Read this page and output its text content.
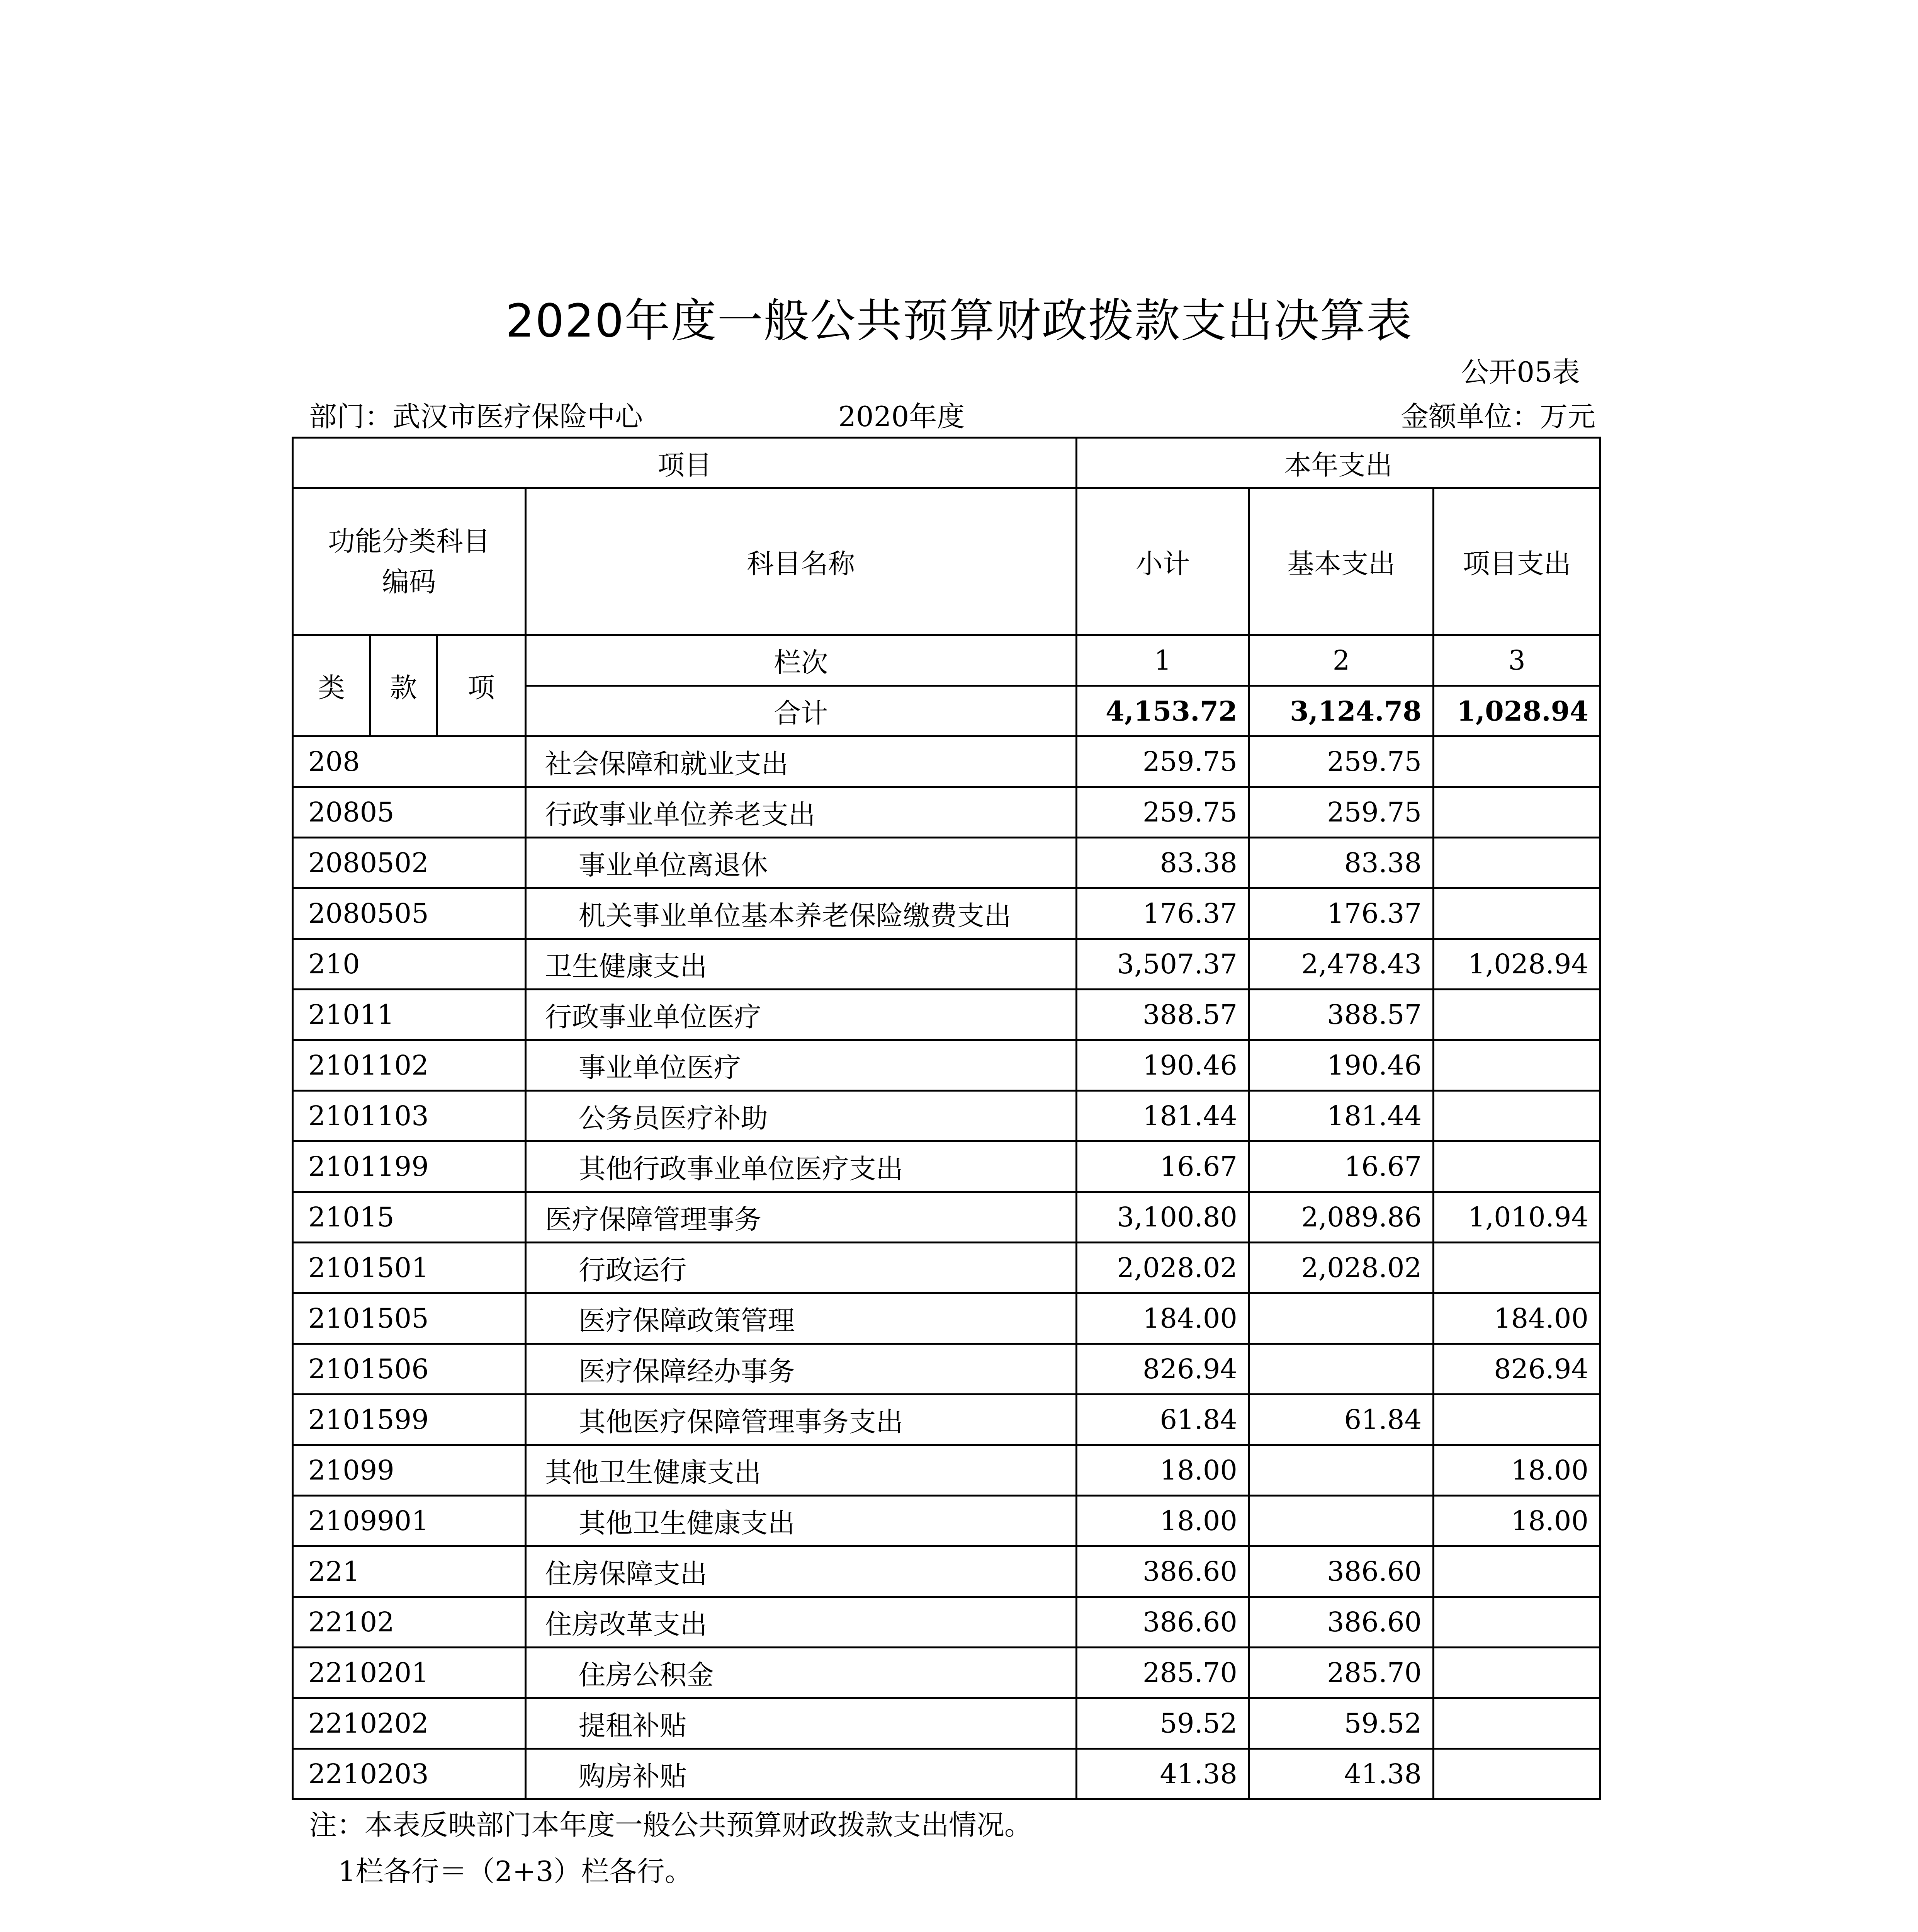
2020年度一般公共预算财政拨款支出决算表
公开05表
部门：武汉市医疗保险中心	2020年度	金额单位：万元
项目				本年支出		
功能分类科目编码			科目名称	小计	基本支出	项目支出
类	款	项	栏次	1	2	3
			合计	4,153.72	3,124.78	1,028.94
208			社会保障和就业支出	259.75	259.75	
20805			行政事业单位养老支出	259.75	259.75	
2080502			事业单位离退休	83.38	83.38	
2080505			机关事业单位基本养老保险缴费支出	176.37	176.37	
210			卫生健康支出	3,507.37	2,478.43	1,028.94
21011			行政事业单位医疗	388.57	388.57	
2101102			事业单位医疗	190.46	190.46	
2101103			公务员医疗补助	181.44	181.44	
2101199			其他行政事业单位医疗支出	16.67	16.67	
21015			医疗保障管理事务	3,100.80	2,089.86	1,010.94
2101501			行政运行	2,028.02	2,028.02	
2101505			医疗保障政策管理	184.00		184.00
2101506			医疗保障经办事务	826.94		826.94
2101599			其他医疗保障管理事务支出	61.84	61.84	
21099			其他卫生健康支出	18.00		18.00
2109901			其他卫生健康支出	18.00		18.00
221			住房保障支出	386.60	386.60	
22102			住房改革支出	386.60	386.60	
2210201			住房公积金	285.70	285.70	
2210202			提租补贴	59.52	59.52	
2210203			购房补贴	41.38	41.38	
注：本表反映部门本年度一般公共预算财政拨款支出情况。
1栏各行＝（2+3）栏各行。
